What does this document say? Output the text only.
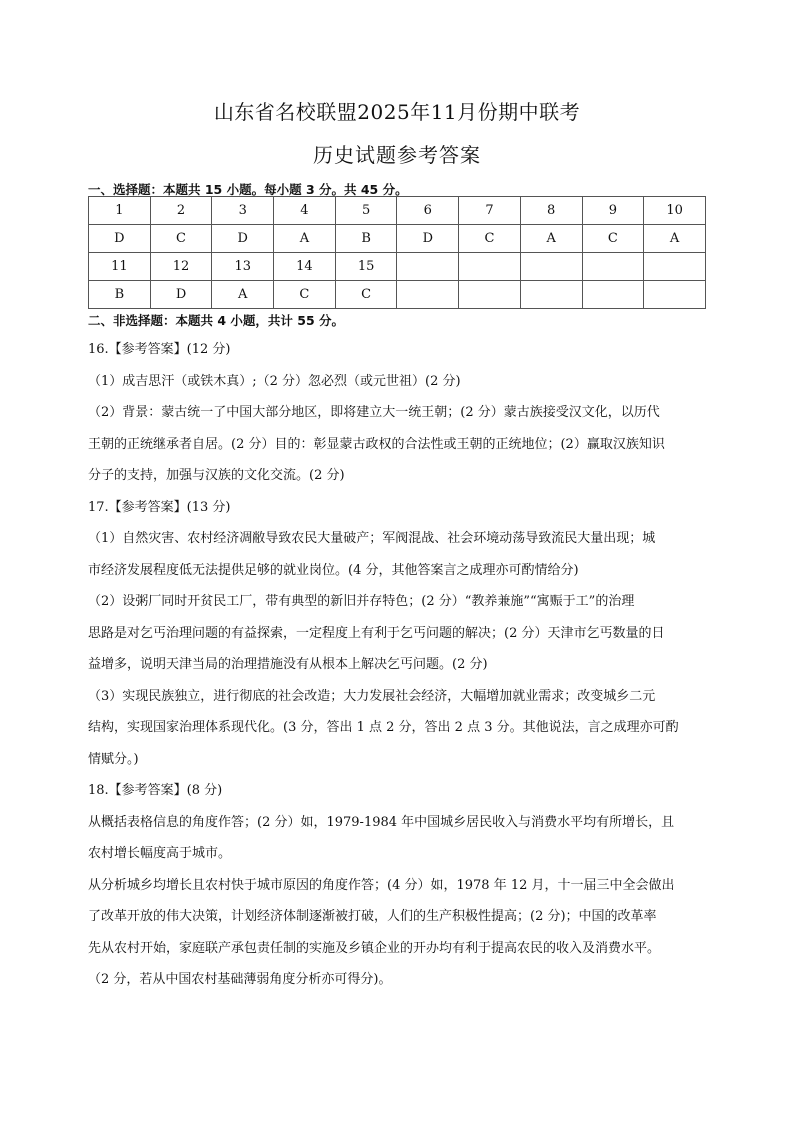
山东省名校联盟2025年11月份期中联考
历史试题参考答案
一、选择题：本题共 15 小题。每小题 3 分。共 45 分。
1	2	3	4	5	6	7	8	9	10
D	C	D	A	B	D	C	A	C	A
11	12	13	14	15					
B	D	A	C	C					
二、非选择题：本题共 4 小题，共计 55 分。

16.【参考答案】(12 分)

（1）成吉思汗（或铁木真）;（2 分）忽必烈（或元世祖）(2 分)

（2）背景：蒙古统一了中国大部分地区，即将建立大一统王朝；(2 分）蒙古族接受汉文化，以历代

王朝的正统继承者自居。(2 分）目的：彰显蒙古政权的合法性或王朝的正统地位；(2）赢取汉族知识

分子的支持，加强与汉族的文化交流。(2 分)

17.【参考答案】(13 分)

（1）自然灾害、农村经济凋敝导致农民大量破产；军阀混战、社会环境动荡导致流民大量出现；城

市经济发展程度低无法提供足够的就业岗位。(4 分，其他答案言之成理亦可酌情给分)

（2）设粥厂同时开贫民工厂，带有典型的新旧并存特色；(2 分）“教养兼施”“寓赈于工”的治理

思路是对乞丐治理问题的有益探索，一定程度上有利于乞丐问题的解决；(2 分）天津市乞丐数量的日

益增多，说明天津当局的治理措施没有从根本上解决乞丐问题。(2 分)

（3）实现民族独立，进行彻底的社会改造；大力发展社会经济，大幅增加就业需求；改变城乡二元

结构，实现国家治理体系现代化。(3 分，答出 1 点 2 分，答出 2 点 3 分。其他说法，言之成理亦可酌

情赋分。)

18.【参考答案】(8 分)

从概括表格信息的角度作答；(2 分）如，1979-1984 年中国城乡居民收入与消费水平均有所增长，且

农村增长幅度高于城市。

从分析城乡均增长且农村快于城市原因的角度作答；(4 分）如，1978 年 12 月，十一届三中全会做出

了改革开放的伟大决策，计划经济体制逐渐被打破，人们的生产积极性提高；(2 分)；中国的改革率

先从农村开始，家庭联产承包责任制的实施及乡镇企业的开办均有利于提高农民的收入及消费水平。

（2 分，若从中国农村基础薄弱角度分析亦可得分)。
